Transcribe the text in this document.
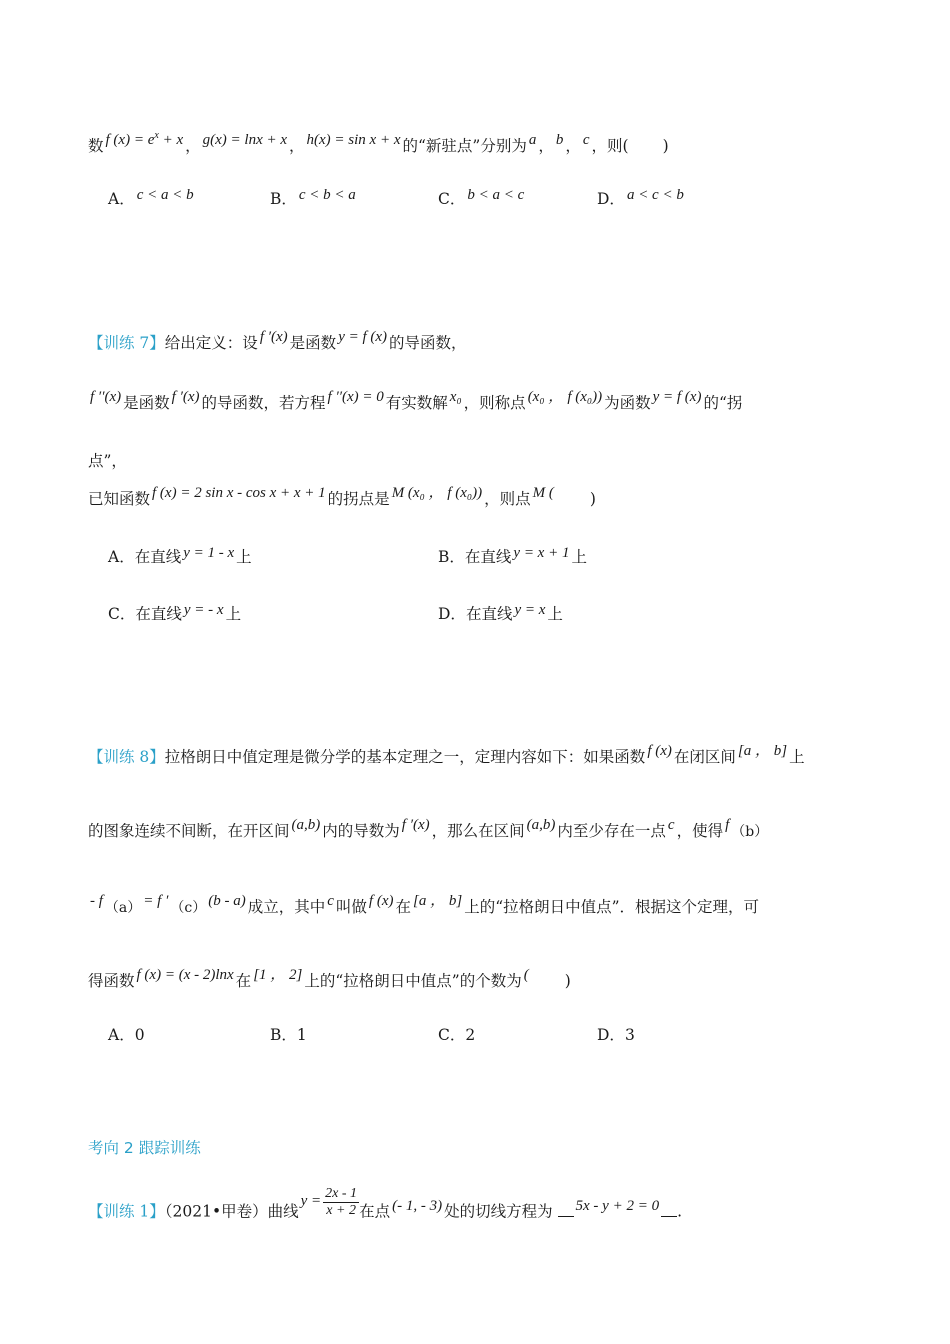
数 f $(x) = e^x + x$ ， g(x) = lnx + x ， h(x) = sin x + x 的“新驻点”分别为 a ， b ， c ，则( )
A． c < a < b	B． c < b < a	C． b < a < c	D． a < c < b
【训练 7】给出定义：设 f ′(x) 是函数 y = f (x) 的导函数，
f ′′(x) 是函数 f ′(x) 的导函数，若方程 f ′′(x) = 0 有实数解 x₀ ，则称点 (x₀ ， f (x₀)) 为函数 y = f (x) 的“拐
点”，
已知函数 f (x) = 2 sin x - cos x + x + 1 的拐点是 M (x₀ ， f (x₀)) ，则点 M ( )
A．在直线 y = 1 - x 上	B．在直线 y = x + 1 上
C．在直线 y = - x 上	D．在直线 y = x 上
【训练 8】拉格朗日中值定理是微分学的基本定理之一，定理内容如下：如果函数 f (x) 在闭区间 [a ， b] 上
的图象连续不间断，在开区间 (a,b) 内的导数为 f ′(x) ，那么在区间 (a,b) 内至少存在一点 c ，使得 f （b）
- f （a） = f ′ （c） (b - a) 成立，其中 c 叫做 f (x) 在 [a ， b] 上的“拉格朗日中值点”．根据这个定理，可
得函数 f (x) = (x - 2)lnx 在 [1 ， 2] 上的“拉格朗日中值点”的个数为 ( )
A．0	B．1	C．2	D．3
考向 2 跟踪训练
【训练 1】（2021•甲卷）曲线$y = \frac{2x - 1}{x + 2}$ 在点 (- 1, - 3) 处的切线方程为 5x - y + 2 = 0 .
